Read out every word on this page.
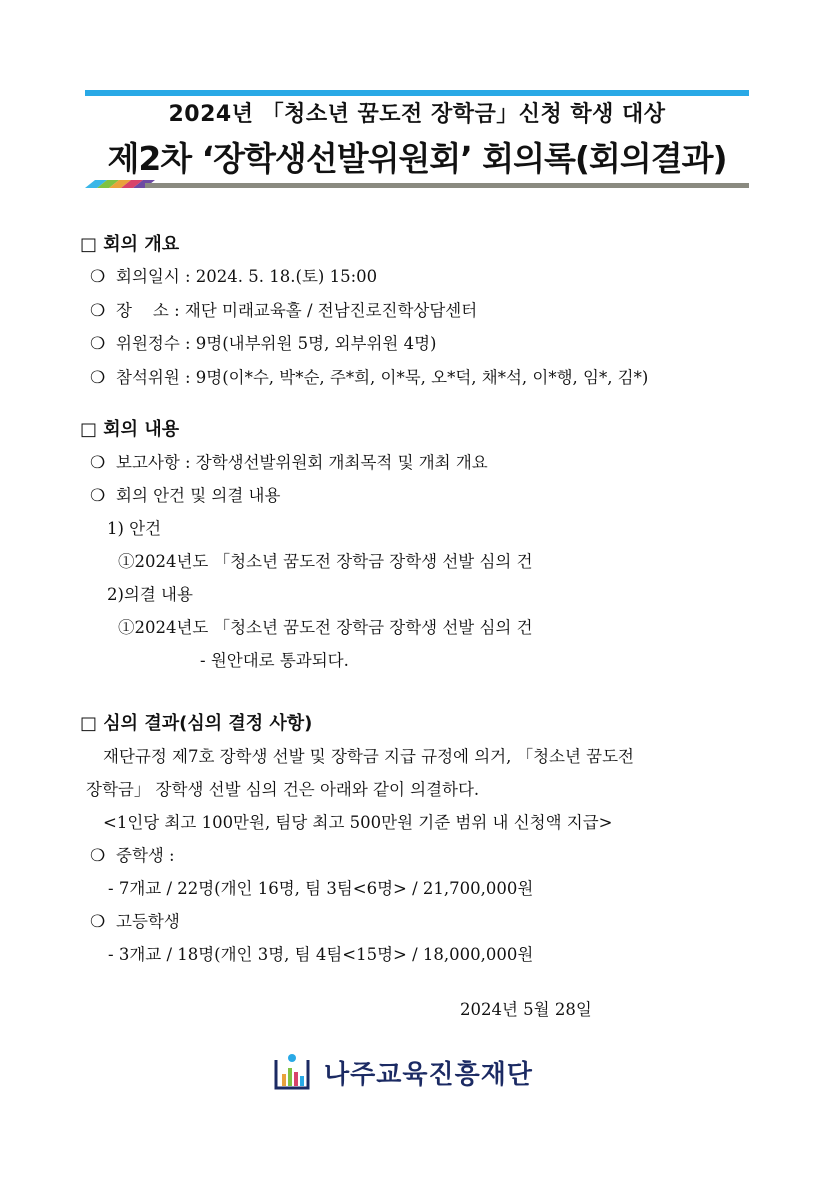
2024년 「청소년 꿈도전 장학금」신청 학생 대상
제2차 ‘장학생선발위원회’ 회의록(회의결과)
□ 회의 개요
❍ 회의일시 : 2024. 5. 18.(토) 15:00
❍ 장    소 : 재단 미래교육홀 / 전남진로진학상담센터
❍ 위원정수 : 9명(내부위원 5명, 외부위원 4명)
❍ 참석위원 : 9명(이*수, 박*순, 주*희, 이*묵, 오*덕, 채*석, 이*행, 임*, 김*)
□ 회의 내용
❍ 보고사항 : 장학생선발위원회 개최목적 및 개최 개요
❍ 회의 안건 및 의결 내용
1) 안건
①2024년도 「청소년 꿈도전 장학금 장학생 선발 심의 건
2)의결 내용
①2024년도 「청소년 꿈도전 장학금 장학생 선발 심의 건
- 원안대로 통과되다.
□ 심의 결과(심의 결정 사항)
재단규정 제7호 장학생 선발 및 장학금 지급 규정에 의거, 「청소년 꿈도전
장학금」 장학생 선발 심의 건은 아래와 같이 의결하다.
<1인당 최고 100만원, 팀당 최고 500만원 기준 범위 내 신청액 지급>
❍ 중학생 :
- 7개교 / 22명(개인 16명, 팀 3팀<6명> / 21,700,000원
❍ 고등학생
- 3개교 / 18명(개인 3명, 팀 4팀<15명> / 18,000,000원
2024년 5월 28일
나주교육진흥재단
